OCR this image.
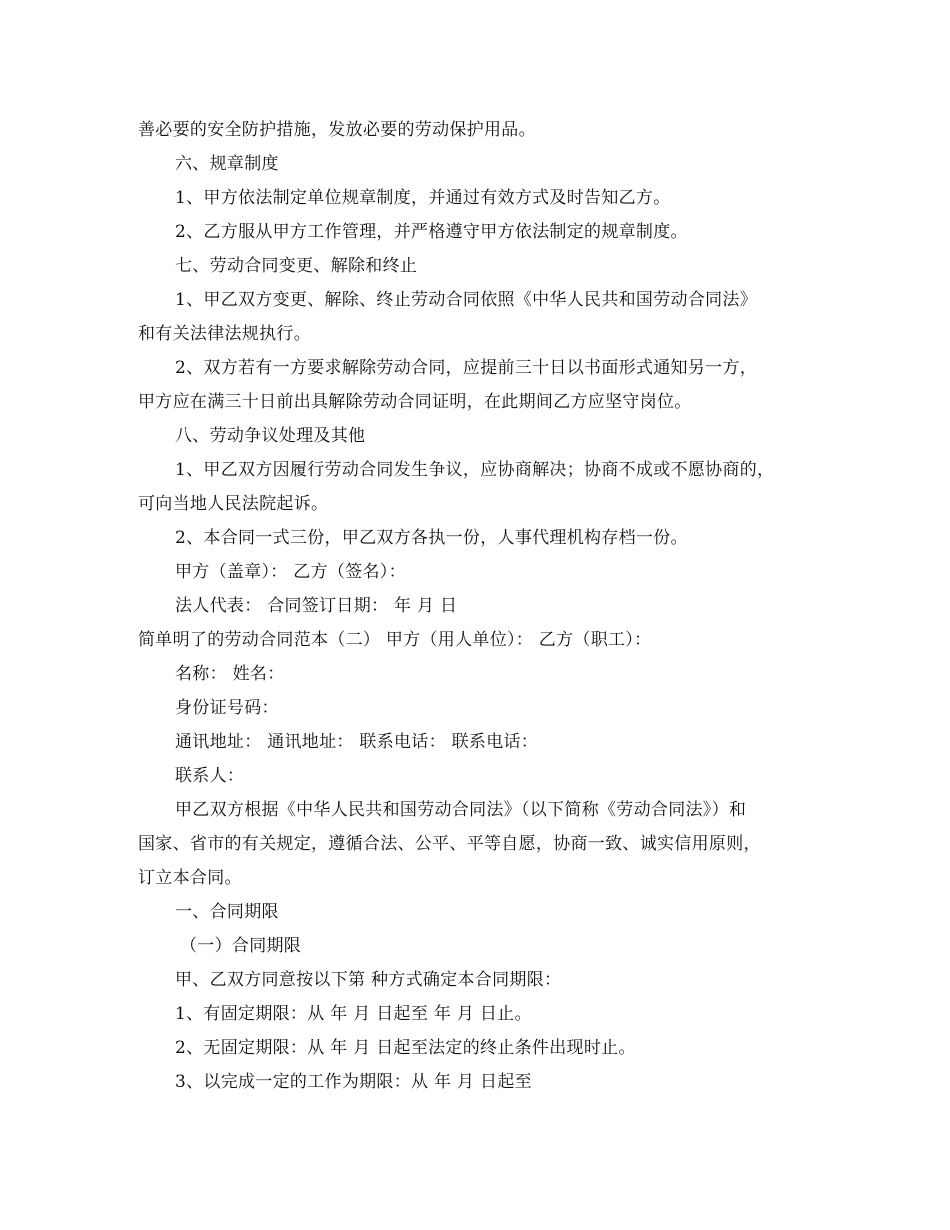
善必要的安全防护措施，发放必要的劳动保护用品。
六、规章制度
1、甲方依法制定单位规章制度，并通过有效方式及时告知乙方。
2、乙方服从甲方工作管理，并严格遵守甲方依法制定的规章制度。
七、劳动合同变更、解除和终止
1、甲乙双方变更、解除、终止劳动合同依照《中华人民共和国劳动合同法》
和有关法律法规执行。
2、双方若有一方要求解除劳动合同，应提前三十日以书面形式通知另一方，
甲方应在满三十日前出具解除劳动合同证明，在此期间乙方应坚守岗位。
八、劳动争议处理及其他
1、甲乙双方因履行劳动合同发生争议，应协商解决；协商不成或不愿协商的，
可向当地人民法院起诉。
2、本合同一式三份，甲乙双方各执一份，人事代理机构存档一份。
甲方（盖章）： 乙方（签名）：
法人代表： 合同签订日期： 年 月 日
简单明了的劳动合同范本（二） 甲方（用人单位）： 乙方（职工）：
名称： 姓名：
身份证号码：
通讯地址： 通讯地址： 联系电话： 联系电话：
联系人：
甲乙双方根据《中华人民共和国劳动合同法》（以下简称《劳动合同法》）和
国家、省市的有关规定，遵循合法、公平、平等自愿，协商一致、诚实信用原则，
订立本合同。
一、合同期限
（一）合同期限
甲、乙双方同意按以下第 种方式确定本合同期限：
1、有固定期限：从 年 月 日起至 年 月 日止。
2、无固定期限：从 年 月 日起至法定的终止条件出现时止。
3、以完成一定的工作为期限：从 年 月 日起至
